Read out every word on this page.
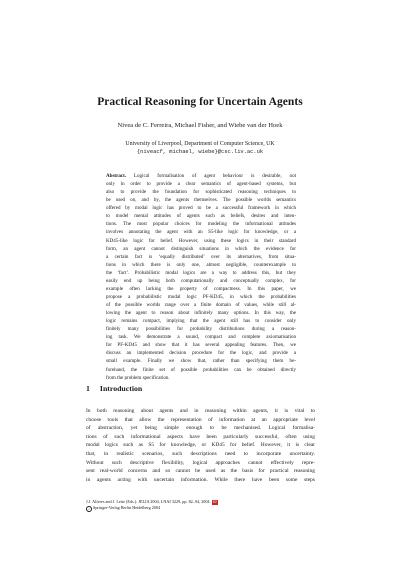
Practical Reasoning for Uncertain Agents
Nivea de C. Ferreira, Michael Fisher, and Wiebe van der Hoek
University of Liverpool, Department of Computer Science, UK
{niveacf, michael, wiebe}@csc.liv.ac.uk
Abstract. Logical formalisation of agent behaviour is desirable, not
only in order to provide a clear semantics of agent-based systems, but
also to provide the foundation for sophisticated reasoning techniques to
be used on, and by, the agents themselves. The possible worlds semantics
offered by modal logic has proved to be a successful framework in which
to model mental attitudes of agents such as beliefs, desires and inten-
tions. The most popular choices for modeling the informational attitudes
involves annotating the agent with an S5-like logic for knowledge, or a
KD45-like logic for belief. However, using these logics in their standard
form, an agent cannot distinguish situations in which the evidence for
a certain fact is ‘equally distributed’ over its alternatives, from situa-
tions in which there is only one, almost negligible, counterexample to
the ‘fact’. Probabilistic modal logics are a way to address this, but they
easily end up being both computationally and conceptually complex, for
example often lacking the property of compactness. In this paper, we
propose a probabilistic modal logic PF-KD45, in which the probabilities
of the possible worlds range over a finite domain of values, while still al-
lowing the agent to reason about infinitely many options. In this way, the
logic remains compact, implying that the agent still has to consider only
finitely many possibilities for probability distributions during a reason-
ing task. We demonstrate a sound, compact and complete axiomatisation
for PF-KD45 and show that it has several appealing features. Then, we
discuss an implemented decision procedure for the logic, and provide a
small example. Finally we show that, rather than specifying them be-
forehand, the finite set of possible probabilities can be obtained directly
from the problem specification.
1 Introduction
In both reasoning about agents and in reasoning within agents, it is vital to
choose tools that allow the representation of information at an appropriate level
of abstraction, yet being simple enough to be mechanised. Logical formalisa-
tions of such informational aspects have been particularly successful, often using
modal logics such as S5 for knowledge, or KD45 for belief. However, it is clear
that, in realistic scenarios, such descriptions need to incorporate uncertainty.
Without such descriptive flexibility, logical approaches cannot effectively repre-
sent real-world concerns and so cannot be used as the basis for practical reasoning
in agents acting with uncertain information. While there have been some steps
J.J. Alferes and J. Leite (Eds.): JELIA 2004, LNAI 3229, pp. 82–94, 2004. SV
c Springer-Verlag Berlin Heidelberg 2004
